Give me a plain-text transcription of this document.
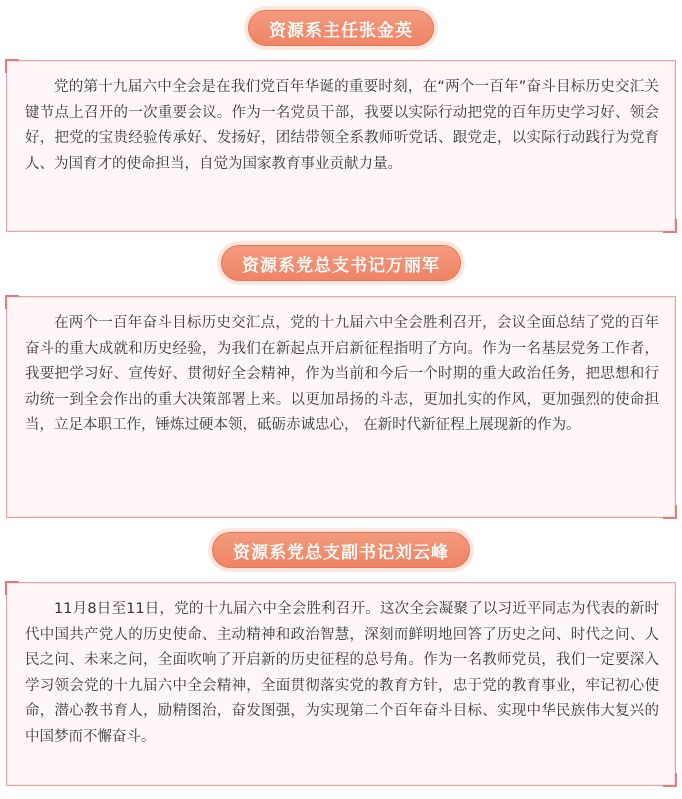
资源系主任张金英
党的第十九届六中全会是在我们党百年华诞的重要时刻，在“两个一百年”奋斗目标历史交汇关键节点上召开的一次重要会议。作为一名党员干部，我要以实际行动把党的百年历史学习好、领会好，把党的宝贵经验传承好、发扬好，团结带领全系教师听党话、跟党走，以实际行动践行为党育人、为国育才的使命担当，自觉为国家教育事业贡献力量。
资源系党总支书记万丽军
在两个一百年奋斗目标历史交汇点，党的十九届六中全会胜利召开，会议全面总结了党的百年奋斗的重大成就和历史经验，为我们在新起点开启新征程指明了方向。作为一名基层党务工作者，我要把学习好、宣传好、贯彻好全会精神，作为当前和今后一个时期的重大政治任务，把思想和行动统一到全会作出的重大决策部署上来。以更加昂扬的斗志，更加扎实的作风，更加强烈的使命担当，立足本职工作，锤炼过硬本领，砥砺赤诚忠心， 在新时代新征程上展现新的作为。
资源系党总支副书记刘云峰
11月8日至11日，党的十九届六中全会胜利召开。这次全会凝聚了以习近平同志为代表的新时代中国共产党人的历史使命、主动精神和政治智慧，深刻而鲜明地回答了历史之问、时代之问、人民之问、未来之问，全面吹响了开启新的历史征程的总号角。作为一名教师党员，我们一定要深入学习领会党的十九届六中全会精神，全面贯彻落实党的教育方针，忠于党的教育事业，牢记初心使命，潜心教书育人，励精图治，奋发图强，为实现第二个百年奋斗目标、实现中华民族伟大复兴的中国梦而不懈奋斗。
